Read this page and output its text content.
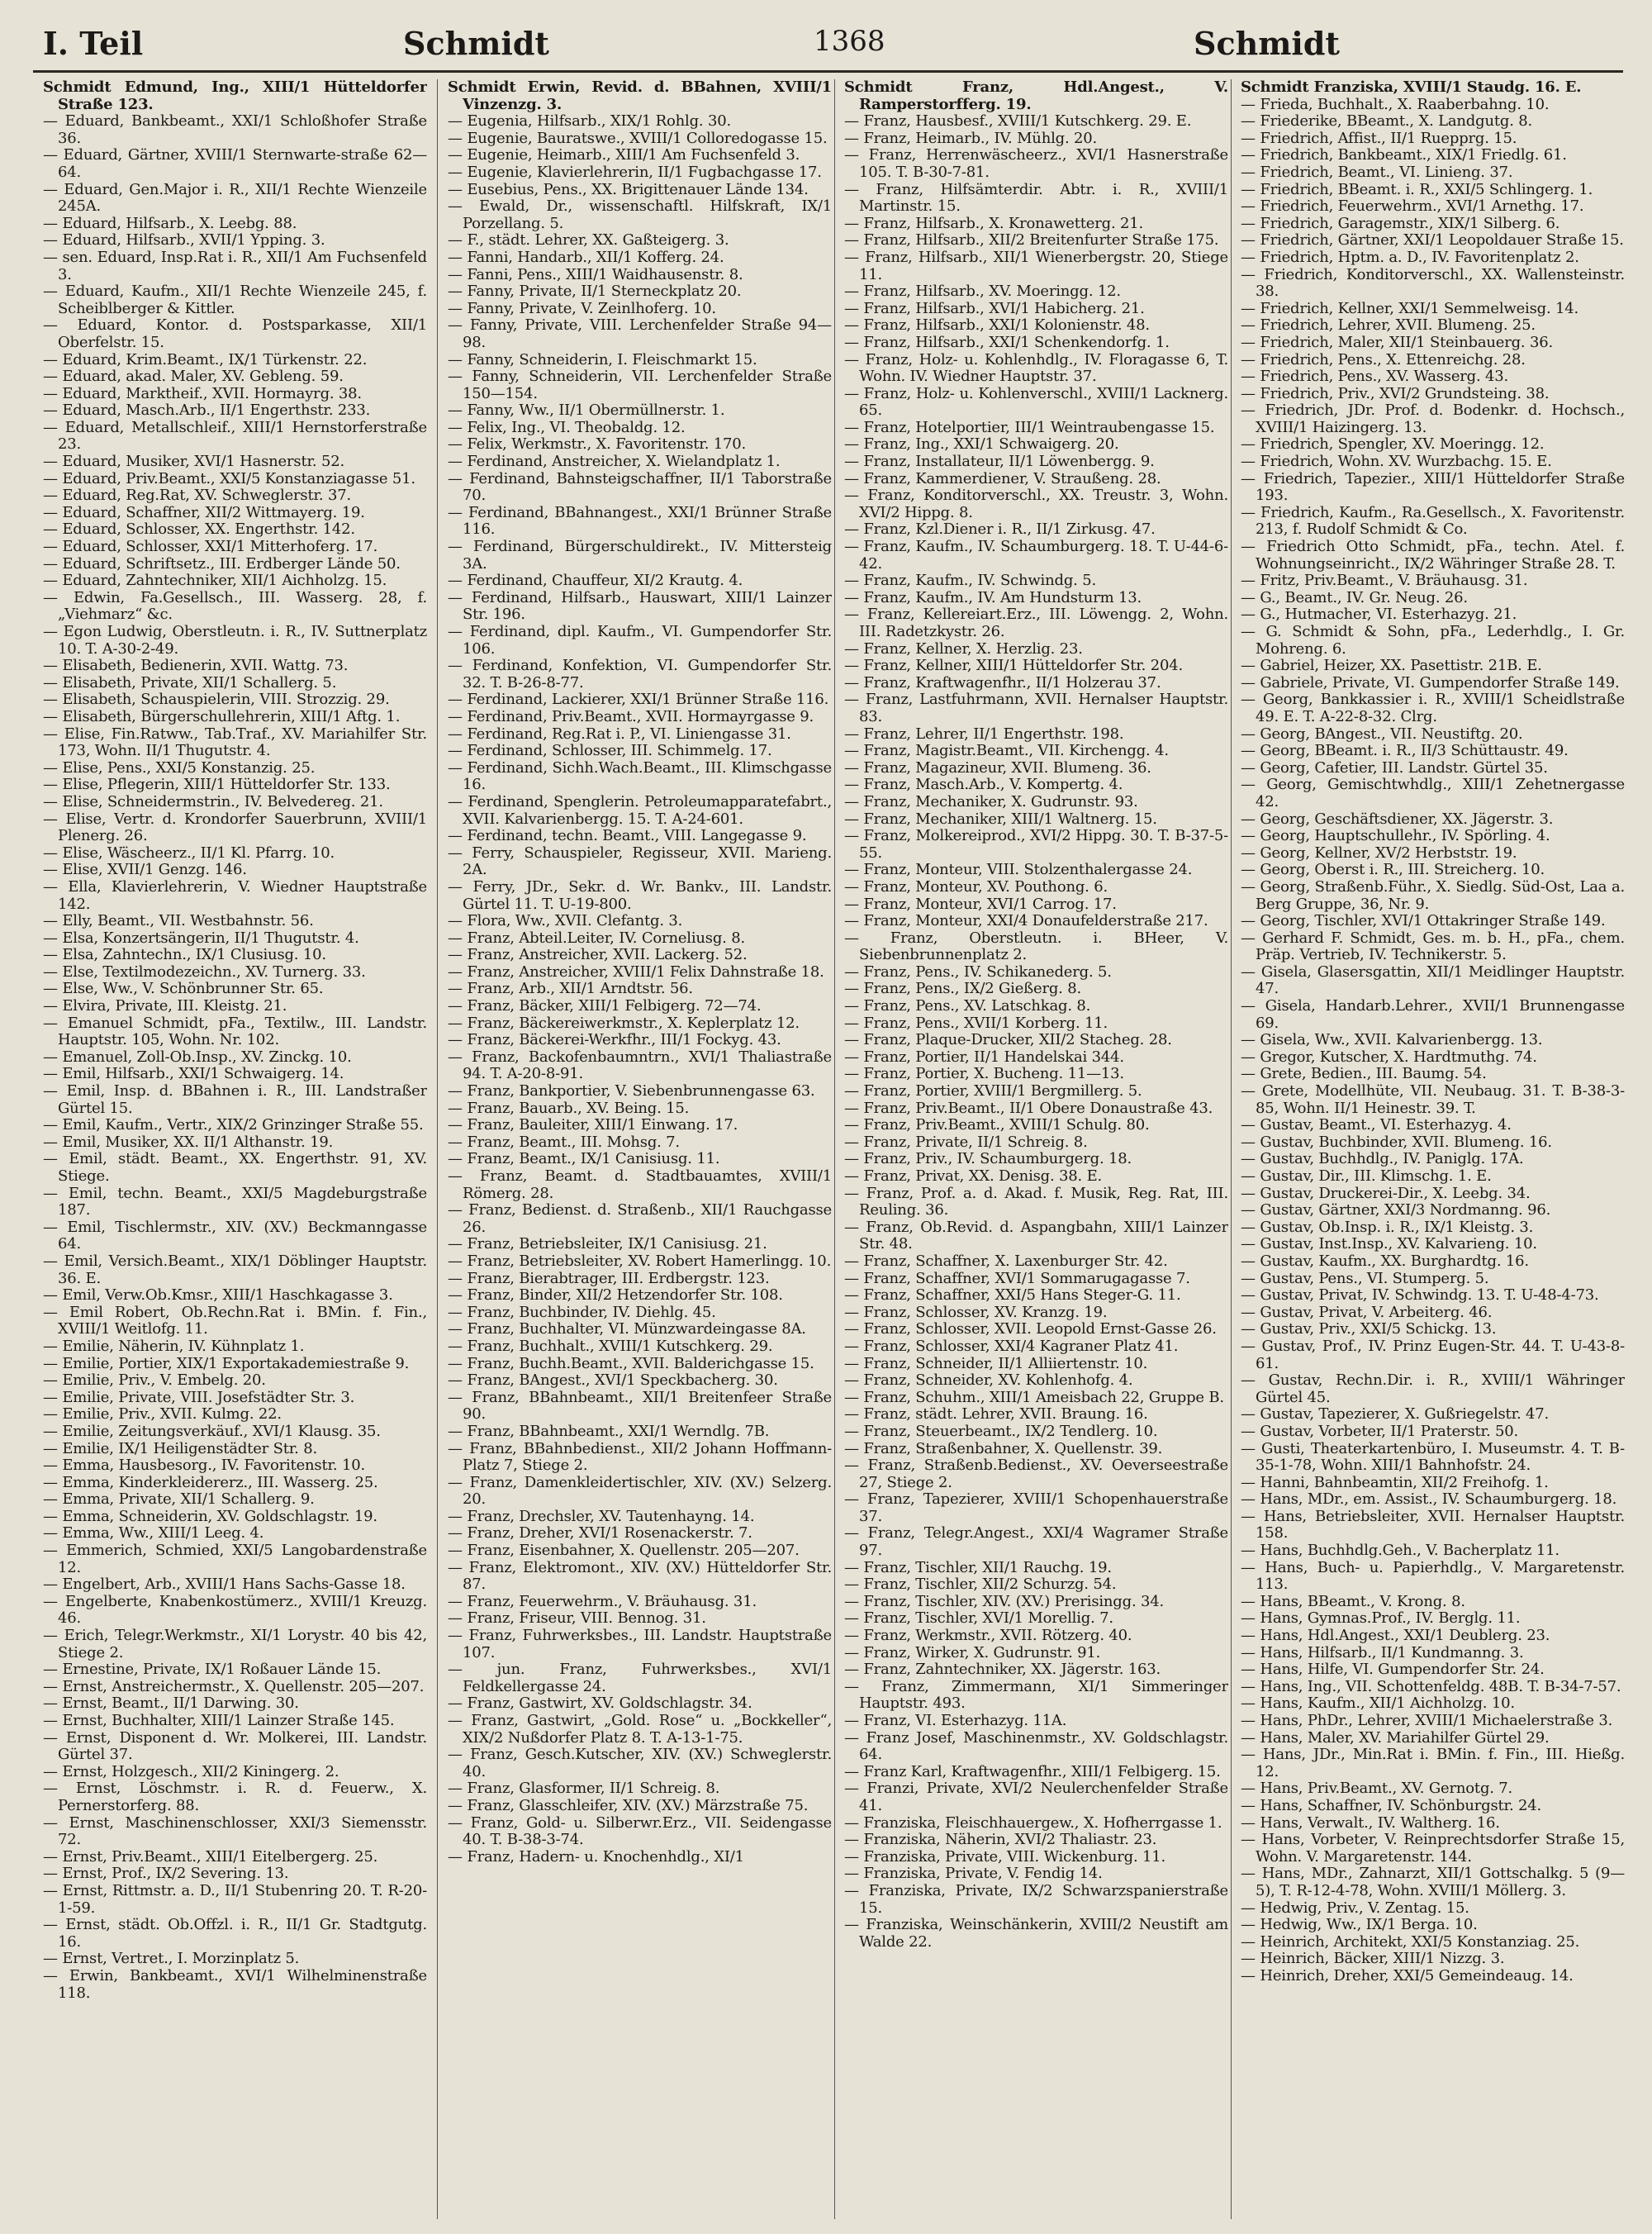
I. Teil	Schmidt	1368	Schmidt

Schmidt Edmund, Ing., XIII/1 Hütteldorfer Straße 123.

— Eduard, Bankbeamt., XXI/1 Schloßhofer Straße 36.

— Eduard, Gärtner, XVIII/1 Sternwarte-straße 62—64.

— Eduard, Gen.Major i. R., XII/1 Rechte Wienzeile 245A.

— Eduard, Hilfsarb., X. Leebg. 88.

— Eduard, Hilfsarb., XVII/1 Ypping. 3.

— sen. Eduard, Insp.Rat i. R., XII/1 Am Fuchsenfeld 3.

— Eduard, Kaufm., XII/1 Rechte Wienzeile 245, f. Scheiblberger & Kittler.

— Eduard, Kontor. d. Postsparkasse, XII/1 Oberfelstr. 15.

— Eduard, Krim.Beamt., IX/1 Türkenstr. 22.

— Eduard, akad. Maler, XV. Gebleng. 59.

— Eduard, Marktheif., XVII. Hormayrg. 38.

— Eduard, Masch.Arb., II/1 Engerthstr. 233.

— Eduard, Metallschleif., XIII/1 Hernstorferstraße 23.

— Eduard, Musiker, XVI/1 Hasnerstr. 52.

— Eduard, Priv.Beamt., XXI/5 Konstanziagasse 51.

— Eduard, Reg.Rat, XV. Schweglerstr. 37.

— Eduard, Schaffner, XII/2 Wittmayerg. 19.

— Eduard, Schlosser, XX. Engerthstr. 142.

— Eduard, Schlosser, XXI/1 Mitterhoferg. 17.

— Eduard, Schriftsetz., III. Erdberger Lände 50.

— Eduard, Zahntechniker, XII/1 Aichholzg. 15.

— Edwin, Fa.Gesellsch., III. Wasserg. 28, f. „Viehmarz“ &c.

— Egon Ludwig, Oberstleutn. i. R., IV. Suttnerplatz 10. T. A-30-2-49.

— Elisabeth, Bedienerin, XVII. Wattg. 73.

— Elisabeth, Private, XII/1 Schallerg. 5.

— Elisabeth, Schauspielerin, VIII. Strozzig. 29.

— Elisabeth, Bürgerschullehrerin, XIII/1 Aftg. 1.

— Elise, Fin.Ratww., Tab.Traf., XV. Mariahilfer Str. 173, Wohn. II/1 Thugutstr. 4.

— Elise, Pens., XXI/5 Konstanzig. 25.

— Elise, Pflegerin, XIII/1 Hütteldorfer Str. 133.

— Elise, Schneidermstrin., IV. Belvedereg. 21.

— Elise, Vertr. d. Krondorfer Sauerbrunn, XVIII/1 Plenerg. 26.

— Elise, Wäscheerz., II/1 Kl. Pfarrg. 10.

— Elise, XVII/1 Genzg. 146.

— Ella, Klavierlehrerin, V. Wiedner Hauptstraße 142.

— Elly, Beamt., VII. Westbahnstr. 56.

— Elsa, Konzertsängerin, II/1 Thugutstr. 4.

— Elsa, Zahntechn., IX/1 Clusiusg. 10.

— Else, Textilmodezeichn., XV. Turnerg. 33.

— Else, Ww., V. Schönbrunner Str. 65.

— Elvira, Private, III. Kleistg. 21.

— Emanuel Schmidt, pFa., Textilw., III. Landstr. Hauptstr. 105, Wohn. Nr. 102.

— Emanuel, Zoll-Ob.Insp., XV. Zinckg. 10.

— Emil, Hilfsarb., XXI/1 Schwaigerg. 14.

— Emil, Insp. d. BBahnen i. R., III. Landstraßer Gürtel 15.

— Emil, Kaufm., Vertr., XIX/2 Grinzinger Straße 55.

— Emil, Musiker, XX. II/1 Althanstr. 19.

— Emil, städt. Beamt., XX. Engerthstr. 91, XV. Stiege.

— Emil, techn. Beamt., XXI/5 Magdeburgstraße 187.

— Emil, Tischlermstr., XIV. (XV.) Beckmanngasse 64.

— Emil, Versich.Beamt., XIX/1 Döblinger Hauptstr. 36. E.

— Emil, Verw.Ob.Kmsr., XIII/1 Haschkagasse 3.

— Emil Robert, Ob.Rechn.Rat i. BMin. f. Fin., XVIII/1 Weitlofg. 11.

— Emilie, Näherin, IV. Kühnplatz 1.

— Emilie, Portier, XIX/1 Exportakademiestraße 9.

— Emilie, Priv., V. Embelg. 20.

— Emilie, Private, VIII. Josefstädter Str. 3.

— Emilie, Priv., XVII. Kulmg. 22.

— Emilie, Zeitungsverkäuf., XVI/1 Klausg. 35.

— Emilie, IX/1 Heiligenstädter Str. 8.

— Emma, Hausbesorg., IV. Favoritenstr. 10.

— Emma, Kinderkleidererz., III. Wasserg. 25.

— Emma, Private, XII/1 Schallerg. 9.

— Emma, Schneiderin, XV. Goldschlagstr. 19.

— Emma, Ww., XIII/1 Leeg. 4.

— Emmerich, Schmied, XXI/5 Langobardenstraße 12.

— Engelbert, Arb., XVIII/1 Hans Sachs-Gasse 18.

— Engelberte, Knabenkostümerz., XVIII/1 Kreuzg. 46.

— Erich, Telegr.Werkmstr., XI/1 Lorystr. 40 bis 42, Stiege 2.

— Ernestine, Private, IX/1 Roßauer Lände 15.

— Ernst, Anstreichermstr., X. Quellenstr. 205—207.

— Ernst, Beamt., II/1 Darwing. 30.

— Ernst, Buchhalter, XIII/1 Lainzer Straße 145.

— Ernst, Disponent d. Wr. Molkerei, III. Landstr. Gürtel 37.

— Ernst, Holzgesch., XII/2 Kiningerg. 2.

— Ernst, Löschmstr. i. R. d. Feuerw., X. Pernerstorferg. 88.

— Ernst, Maschinenschlosser, XXI/3 Siemensstr. 72.

— Ernst, Priv.Beamt., XIII/1 Eitelbergerg. 25.

— Ernst, Prof., IX/2 Severing. 13.

— Ernst, Rittmstr. a. D., II/1 Stubenring 20. T. R-20-1-59.

— Ernst, städt. Ob.Offzl. i. R., II/1 Gr. Stadtgutg. 16.

— Ernst, Vertret., I. Morzinplatz 5.

— Erwin, Bankbeamt., XVI/1 Wilhelminenstraße 118.

Schmidt Erwin, Revid. d. BBahnen, XVIII/1 Vinzenzg. 3.

— Eugenia, Hilfsarb., XIX/1 Rohlg. 30.

— Eugenie, Bauratswe., XVIII/1 Colloredogasse 15.

— Eugenie, Heimarb., XIII/1 Am Fuchsenfeld 3.

— Eugenie, Klavierlehrerin, II/1 Fugbachgasse 17.

— Eusebius, Pens., XX. Brigittenauer Lände 134.

— Ewald, Dr., wissenschaftl. Hilfskraft, IX/1 Porzellang. 5.

— F., städt. Lehrer, XX. Gaßteigerg. 3.

— Fanni, Handarb., XII/1 Kofferg. 24.

— Fanni, Pens., XIII/1 Waidhausenstr. 8.

— Fanny, Private, II/1 Sterneckplatz 20.

— Fanny, Private, V. Zeinlhoferg. 10.

— Fanny, Private, VIII. Lerchenfelder Straße 94—98.

— Fanny, Schneiderin, I. Fleischmarkt 15.

— Fanny, Schneiderin, VII. Lerchenfelder Straße 150—154.

— Fanny, Ww., II/1 Obermüllnerstr. 1.

— Felix, Ing., VI. Theobaldg. 12.

— Felix, Werkmstr., X. Favoritenstr. 170.

— Ferdinand, Anstreicher, X. Wielandplatz 1.

— Ferdinand, Bahnsteigschaffner, II/1 Taborstraße 70.

— Ferdinand, BBahnangest., XXI/1 Brünner Straße 116.

— Ferdinand, Bürgerschuldirekt., IV. Mittersteig 3A.

— Ferdinand, Chauffeur, XI/2 Krautg. 4.

— Ferdinand, Hilfsarb., Hauswart, XIII/1 Lainzer Str. 196.

— Ferdinand, dipl. Kaufm., VI. Gumpendorfer Str. 106.

— Ferdinand, Konfektion, VI. Gumpendorfer Str. 32. T. B-26-8-77.

— Ferdinand, Lackierer, XXI/1 Brünner Straße 116.

— Ferdinand, Priv.Beamt., XVII. Hormayrgasse 9.

— Ferdinand, Reg.Rat i. P., VI. Liniengasse 31.

— Ferdinand, Schlosser, III. Schimmelg. 17.

— Ferdinand, Sichh.Wach.Beamt., III. Klimschgasse 16.

— Ferdinand, Spenglerin. Petroleumapparatefabrt., XVII. Kalvarienbergg. 15. T. A-24-601.

— Ferdinand, techn. Beamt., VIII. Langegasse 9.

— Ferry, Schauspieler, Regisseur, XVII. Marieng. 2A.

— Ferry, JDr., Sekr. d. Wr. Bankv., III. Landstr. Gürtel 11. T. U-19-800.

— Flora, Ww., XVII. Clefantg. 3.

— Franz, Abteil.Leiter, IV. Corneliusg. 8.

— Franz, Anstreicher, XVII. Lackerg. 52.

— Franz, Anstreicher, XVIII/1 Felix Dahnstraße 18.

— Franz, Arb., XII/1 Arndtstr. 56.

— Franz, Bäcker, XIII/1 Felbigerg. 72—74.

— Franz, Bäckereiwerkmstr., X. Keplerplatz 12.

— Franz, Bäckerei-Werkfhr., III/1 Fockyg. 43.

— Franz, Backofenbaumntrn., XVI/1 Thaliastraße 94. T. A-20-8-91.

— Franz, Bankportier, V. Siebenbrunnengasse 63.

— Franz, Bauarb., XV. Being. 15.

— Franz, Bauleiter, XIII/1 Einwang. 17.

— Franz, Beamt., III. Mohsg. 7.

— Franz, Beamt., IX/1 Canisiusg. 11.

— Franz, Beamt. d. Stadtbauamtes, XVIII/1 Römerg. 28.

— Franz, Bedienst. d. Straßenb., XII/1 Rauchgasse 26.

— Franz, Betriebsleiter, IX/1 Canisiusg. 21.

— Franz, Betriebsleiter, XV. Robert Hamerlingg. 10.

— Franz, Bierabtrager, III. Erdbergstr. 123.

— Franz, Binder, XII/2 Hetzendorfer Str. 108.

— Franz, Buchbinder, IV. Diehlg. 45.

— Franz, Buchhalter, VI. Münzwardeingasse 8A.

— Franz, Buchhalt., XVIII/1 Kutschkerg. 29.

— Franz, Buchh.Beamt., XVII. Balderichgasse 15.

— Franz, BAngest., XVI/1 Speckbacherg. 30.

— Franz, BBahnbeamt., XII/1 Breitenfeer Straße 90.

— Franz, BBahnbeamt., XXI/1 Werndlg. 7B.

— Franz, BBahnbedienst., XII/2 Johann Hoffmann-Platz 7, Stiege 2.

— Franz, Damenkleidertischler, XIV. (XV.) Selzerg. 20.

— Franz, Drechsler, XV. Tautenhayng. 14.

— Franz, Dreher, XVI/1 Rosenackerstr. 7.

— Franz, Eisenbahner, X. Quellenstr. 205—207.

— Franz, Elektromont., XIV. (XV.) Hütteldorfer Str. 87.

— Franz, Feuerwehrm., V. Bräuhausg. 31.

— Franz, Friseur, VIII. Bennog. 31.

— Franz, Fuhrwerksbes., III. Landstr. Hauptstraße 107.

— jun. Franz, Fuhrwerksbes., XVI/1 Feldkellergasse 24.

— Franz, Gastwirt, XV. Goldschlagstr. 34.

— Franz, Gastwirt, „Gold. Rose“ u. „Bockkeller“, XIX/2 Nußdorfer Platz 8. T. A-13-1-75.

— Franz, Gesch.Kutscher, XIV. (XV.) Schweglerstr. 40.

— Franz, Glasformer, II/1 Schreig. 8.

— Franz, Glasschleifer, XIV. (XV.) Märzstraße 75.

— Franz, Gold- u. Silberwr.Erz., VII. Seidengasse 40. T. B-38-3-74.

— Franz, Hadern- u. Knochenhdlg., XI/1

Schmidt Franz, Hdl.Angest., V. Ramperstorfferg. 19.

— Franz, Hausbesf., XVIII/1 Kutschkerg. 29. E.

— Franz, Heimarb., IV. Mühlg. 20.

— Franz, Herrenwäscheerz., XVI/1 Hasnerstraße 105. T. B-30-7-81.

— Franz, Hilfsämterdir. Abtr. i. R., XVIII/1 Martinstr. 15.

— Franz, Hilfsarb., X. Kronawetterg. 21.

— Franz, Hilfsarb., XII/2 Breitenfurter Straße 175.

— Franz, Hilfsarb., XII/1 Wienerbergstr. 20, Stiege 11.

— Franz, Hilfsarb., XV. Moeringg. 12.

— Franz, Hilfsarb., XVI/1 Habicherg. 21.

— Franz, Hilfsarb., XXI/1 Kolonienstr. 48.

— Franz, Hilfsarb., XXI/1 Schenkendorfg. 1.

— Franz, Holz- u. Kohlenhdlg., IV. Floragasse 6, T. Wohn. IV. Wiedner Hauptstr. 37.

— Franz, Holz- u. Kohlenverschl., XVIII/1 Lacknerg. 65.

— Franz, Hotelportier, III/1 Weintraubengasse 15.

— Franz, Ing., XXI/1 Schwaigerg. 20.

— Franz, Installateur, II/1 Löwenbergg. 9.

— Franz, Kammerdiener, V. Straußeng. 28.

— Franz, Konditorverschl., XX. Treustr. 3, Wohn. XVI/2 Hippg. 8.

— Franz, Kzl.Diener i. R., II/1 Zirkusg. 47.

— Franz, Kaufm., IV. Schaumburgerg. 18. T. U-44-6-42.

— Franz, Kaufm., IV. Schwindg. 5.

— Franz, Kaufm., IV. Am Hundsturm 13.

— Franz, Kellereiart.Erz., III. Löwengg. 2, Wohn. III. Radetzkystr. 26.

— Franz, Kellner, X. Herzlig. 23.

— Franz, Kellner, XIII/1 Hütteldorfer Str. 204.

— Franz, Kraftwagenfhr., II/1 Holzerau 37.

— Franz, Lastfuhrmann, XVII. Hernalser Hauptstr. 83.

— Franz, Lehrer, II/1 Engerthstr. 198.

— Franz, Magistr.Beamt., VII. Kirchengg. 4.

— Franz, Magazineur, XVII. Blumeng. 36.

— Franz, Masch.Arb., V. Kompertg. 4.

— Franz, Mechaniker, X. Gudrunstr. 93.

— Franz, Mechaniker, XIII/1 Waltnerg. 15.

— Franz, Molkereiprod., XVI/2 Hippg. 30. T. B-37-5-55.

— Franz, Monteur, VIII. Stolzenthalergasse 24.

— Franz, Monteur, XV. Pouthong. 6.

— Franz, Monteur, XVI/1 Carrog. 17.

— Franz, Monteur, XXI/4 Donaufelderstraße 217.

— Franz, Oberstleutn. i. BHeer, V. Siebenbrunnenplatz 2.

— Franz, Pens., IV. Schikanederg. 5.

— Franz, Pens., IX/2 Gießerg. 8.

— Franz, Pens., XV. Latschkag. 8.

— Franz, Pens., XVII/1 Korberg. 11.

— Franz, Plaque-Drucker, XII/2 Stacheg. 28.

— Franz, Portier, II/1 Handelskai 344.

— Franz, Portier, X. Bucheng. 11—13.

— Franz, Portier, XVIII/1 Bergmillerg. 5.

— Franz, Priv.Beamt., II/1 Obere Donaustraße 43.

— Franz, Priv.Beamt., XVIII/1 Schulg. 80.

— Franz, Private, II/1 Schreig. 8.

— Franz, Priv., IV. Schaumburgerg. 18.

— Franz, Privat, XX. Denisg. 38. E.

— Franz, Prof. a. d. Akad. f. Musik, Reg. Rat, III. Reuling. 36.

— Franz, Ob.Revid. d. Aspangbahn, XIII/1 Lainzer Str. 48.

— Franz, Schaffner, X. Laxenburger Str. 42.

— Franz, Schaffner, XVI/1 Sommarugagasse 7.

— Franz, Schaffner, XXI/5 Hans Steger-G. 11.

— Franz, Schlosser, XV. Kranzg. 19.

— Franz, Schlosser, XVII. Leopold Ernst-Gasse 26.

— Franz, Schlosser, XXI/4 Kagraner Platz 41.

— Franz, Schneider, II/1 Alliiertenstr. 10.

— Franz, Schneider, XV. Kohlenhofg. 4.

— Franz, Schuhm., XIII/1 Ameisbach 22, Gruppe B.

— Franz, städt. Lehrer, XVII. Braung. 16.

— Franz, Steuerbeamt., IX/2 Tendlerg. 10.

— Franz, Straßenbahner, X. Quellenstr. 39.

— Franz, Straßenb.Bedienst., XV. Oeverseestraße 27, Stiege 2.

— Franz, Tapezierer, XVIII/1 Schopenhauerstraße 37.

— Franz, Telegr.Angest., XXI/4 Wagramer Straße 97.

— Franz, Tischler, XII/1 Rauchg. 19.

— Franz, Tischler, XII/2 Schurzg. 54.

— Franz, Tischler, XIV. (XV.) Prerisingg. 34.

— Franz, Tischler, XVI/1 Morellig. 7.

— Franz, Werkmstr., XVII. Rötzerg. 40.

— Franz, Wirker, X. Gudrunstr. 91.

— Franz, Zahntechniker, XX. Jägerstr. 163.

— Franz, Zimmermann, XI/1 Simmeringer Hauptstr. 493.

— Franz, VI. Esterhazyg. 11A.

— Franz Josef, Maschinenmstr., XV. Goldschlagstr. 64.

— Franz Karl, Kraftwagenfhr., XIII/1 Felbigerg. 15.

— Franzi, Private, XVI/2 Neulerchenfelder Straße 41.

— Franziska, Fleischhauergew., X. Hofherrgasse 1.

— Franziska, Näherin, XVI/2 Thaliastr. 23.

— Franziska, Private, VIII. Wickenburg. 11.

— Franziska, Private, V. Fendig 14.

— Franziska, Private, IX/2 Schwarzspanierstraße 15.

— Franziska, Weinschänkerin, XVIII/2 Neustift am Walde 22.

Schmidt Franziska, XVIII/1 Staudg. 16. E.

— Frieda, Buchhalt., X. Raaberbahng. 10.

— Friederike, BBeamt., X. Landgutg. 8.

— Friedrich, Affist., II/1 Ruepprg. 15.

— Friedrich, Bankbeamt., XIX/1 Friedlg. 61.

— Friedrich, Beamt., VI. Linieng. 37.

— Friedrich, BBeamt. i. R., XXI/5 Schlingerg. 1.

— Friedrich, Feuerwehrm., XVI/1 Arnethg. 17.

— Friedrich, Garagemstr., XIX/1 Silberg. 6.

— Friedrich, Gärtner, XXI/1 Leopoldauer Straße 15.

— Friedrich, Hptm. a. D., IV. Favoritenplatz 2.

— Friedrich, Konditorverschl., XX. Wallensteinstr. 38.

— Friedrich, Kellner, XXI/1 Semmelweisg. 14.

— Friedrich, Lehrer, XVII. Blumeng. 25.

— Friedrich, Maler, XII/1 Steinbauerg. 36.

— Friedrich, Pens., X. Ettenreichg. 28.

— Friedrich, Pens., XV. Wasserg. 43.

— Friedrich, Priv., XVI/2 Grundsteing. 38.

— Friedrich, JDr. Prof. d. Bodenkr. d. Hochsch., XVIII/1 Haizingerg. 13.

— Friedrich, Spengler, XV. Moeringg. 12.

— Friedrich, Wohn. XV. Wurzbachg. 15. E.

— Friedrich, Tapezier., XIII/1 Hütteldorfer Straße 193.

— Friedrich, Kaufm., Ra.Gesellsch., X. Favoritenstr. 213, f. Rudolf Schmidt & Co.

— Friedrich Otto Schmidt, pFa., techn. Atel. f. Wohnungseinricht., IX/2 Währinger Straße 28. T.

— Fritz, Priv.Beamt., V. Bräuhausg. 31.

— G., Beamt., IV. Gr. Neug. 26.

— G., Hutmacher, VI. Esterhazyg. 21.

— G. Schmidt & Sohn, pFa., Lederhdlg., I. Gr. Mohreng. 6.

— Gabriel, Heizer, XX. Pasettistr. 21B. E.

— Gabriele, Private, VI. Gumpendorfer Straße 149.

— Georg, Bankkassier i. R., XVIII/1 Scheidlstraße 49. E. T. A-22-8-32. Clrg.

— Georg, BAngest., VII. Neustiftg. 20.

— Georg, BBeamt. i. R., II/3 Schüttaustr. 49.

— Georg, Cafetier, III. Landstr. Gürtel 35.

— Georg, Gemischtwhdlg., XIII/1 Zehetnergasse 42.

— Georg, Geschäftsdiener, XX. Jägerstr. 3.

— Georg, Hauptschullehr., IV. Spörling. 4.

— Georg, Kellner, XV/2 Herbststr. 19.

— Georg, Oberst i. R., III. Streicherg. 10.

— Georg, Straßenb.Führ., X. Siedlg. Süd-Ost, Laa a. Berg Gruppe, 36, Nr. 9.

— Georg, Tischler, XVI/1 Ottakringer Straße 149.

— Gerhard F. Schmidt, Ges. m. b. H., pFa., chem. Präp. Vertrieb, IV. Technikerstr. 5.

— Gisela, Glasersgattin, XII/1 Meidlinger Hauptstr. 47.

— Gisela, Handarb.Lehrer., XVII/1 Brunnengasse 69.

— Gisela, Ww., XVII. Kalvarienbergg. 13.

— Gregor, Kutscher, X. Hardtmuthg. 74.

— Grete, Bedien., III. Baumg. 54.

— Grete, Modellhüte, VII. Neubaug. 31. T. B-38-3-85, Wohn. II/1 Heinestr. 39. T.

— Gustav, Beamt., VI. Esterhazyg. 4.

— Gustav, Buchbinder, XVII. Blumeng. 16.

— Gustav, Buchhdlg., IV. Paniglg. 17A.

— Gustav, Dir., III. Klimschg. 1. E.

— Gustav, Druckerei-Dir., X. Leebg. 34.

— Gustav, Gärtner, XXI/3 Nordmanng. 96.

— Gustav, Ob.Insp. i. R., IX/1 Kleistg. 3.

— Gustav, Inst.Insp., XV. Kalvarieng. 10.

— Gustav, Kaufm., XX. Burghardtg. 16.

— Gustav, Pens., VI. Stumperg. 5.

— Gustav, Privat, IV. Schwindg. 13. T. U-48-4-73.

— Gustav, Privat, V. Arbeiterg. 46.

— Gustav, Priv., XXI/5 Schickg. 13.

— Gustav, Prof., IV. Prinz Eugen-Str. 44. T. U-43-8-61.

— Gustav, Rechn.Dir. i. R., XVIII/1 Währinger Gürtel 45.

— Gustav, Tapezierer, X. Gußriegelstr. 47.

— Gustav, Vorbeter, II/1 Praterstr. 50.

— Gusti, Theaterkartenbüro, I. Museumstr. 4. T. B-35-1-78, Wohn. XIII/1 Bahnhofstr. 24.

— Hanni, Bahnbeamtin, XII/2 Freihofg. 1.

— Hans, MDr., em. Assist., IV. Schaumburgerg. 18.

— Hans, Betriebsleiter, XVII. Hernalser Hauptstr. 158.

— Hans, Buchhdlg.Geh., V. Bacherplatz 11.

— Hans, Buch- u. Papierhdlg., V. Margaretenstr. 113.

— Hans, BBeamt., V. Krong. 8.

— Hans, Gymnas.Prof., IV. Berglg. 11.

— Hans, Hdl.Angest., XXI/1 Deublerg. 23.

— Hans, Hilfsarb., II/1 Kundmanng. 3.

— Hans, Hilfe, VI. Gumpendorfer Str. 24.

— Hans, Ing., VII. Schottenfeldg. 48B. T. B-34-7-57.

— Hans, Kaufm., XII/1 Aichholzg. 10.

— Hans, PhDr., Lehrer, XVIII/1 Michaelerstraße 3.

— Hans, Maler, XV. Mariahilfer Gürtel 29.

— Hans, JDr., Min.Rat i. BMin. f. Fin., III. Hießg. 12.

— Hans, Priv.Beamt., XV. Gernotg. 7.

— Hans, Schaffner, IV. Schönburgstr. 24.

— Hans, Verwalt., IV. Waltherg. 16.

— Hans, Vorbeter, V. Reinprechtsdorfer Straße 15, Wohn. V. Margaretenstr. 144.

— Hans, MDr., Zahnarzt, XII/1 Gottschalkg. 5 (9—5), T. R-12-4-78, Wohn. XVIII/1 Möllerg. 3.

— Hedwig, Priv., V. Zentag. 15.

— Hedwig, Ww., IX/1 Berga. 10.

— Heinrich, Architekt, XXI/5 Konstanziag. 25.

— Heinrich, Bäcker, XIII/1 Nizzg. 3.

— Heinrich, Dreher, XXI/5 Gemeindeaug. 14.
